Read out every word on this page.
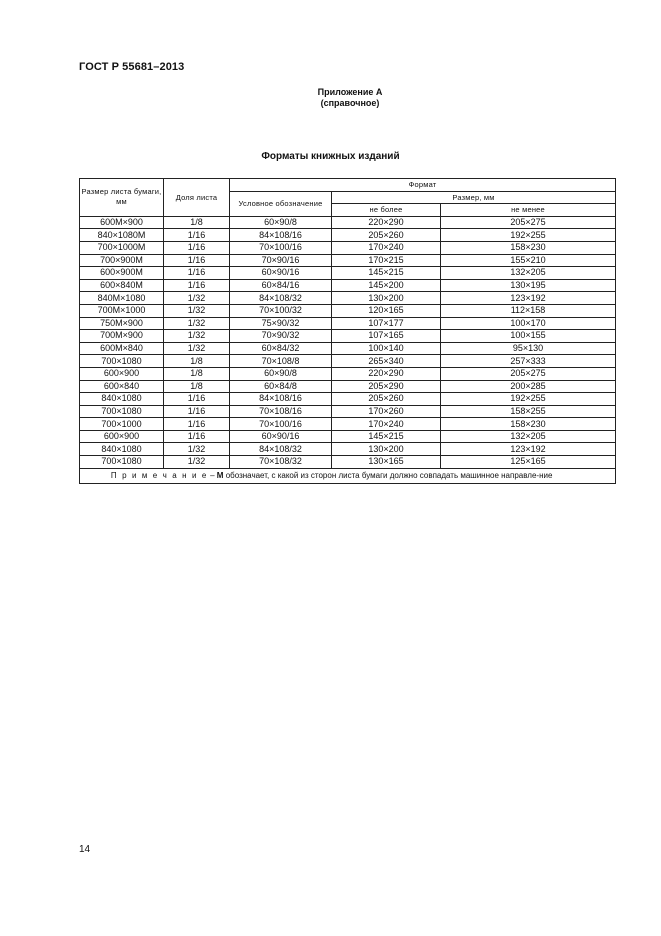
ГОСТ Р 55681–2013
Приложение А
(справочное)
Форматы книжных изданий
Размер листа бумаги, мм	Доля листа	Формат		
		Условное обозначение	Размер, мм	
			не более	не менее
600M×900	1/8	60×90/8	220×290	205×275
840×1080M	1/16	84×108/16	205×260	192×255
700×1000M	1/16	70×100/16	170×240	158×230
700×900M	1/16	70×90/16	170×215	155×210
600×900M	1/16	60×90/16	145×215	132×205
600×840M	1/16	60×84/16	145×200	130×195
840M×1080	1/32	84×108/32	130×200	123×192
700M×1000	1/32	70×100/32	120×165	112×158
750M×900	1/32	75×90/32	107×177	100×170
700M×900	1/32	70×90/32	107×165	100×155
600M×840	1/32	60×84/32	100×140	95×130
700×1080	1/8	70×108/8	265×340	257×333
600×900	1/8	60×90/8	220×290	205×275
600×840	1/8	60×84/8	205×290	200×285
840×1080	1/16	84×108/16	205×260	192×255
700×1080	1/16	70×108/16	170×260	158×255
700×1000	1/16	70×100/16	170×240	158×230
600×900	1/16	60×90/16	145×215	132×205
840×1080	1/32	84×108/32	130×200	123×192
700×1080	1/32	70×108/32	130×165	125×165
П р и м е ч а н и е – М обозначает, с какой из сторон листа бумаги должно совпадать машинное направле-ние				
14
